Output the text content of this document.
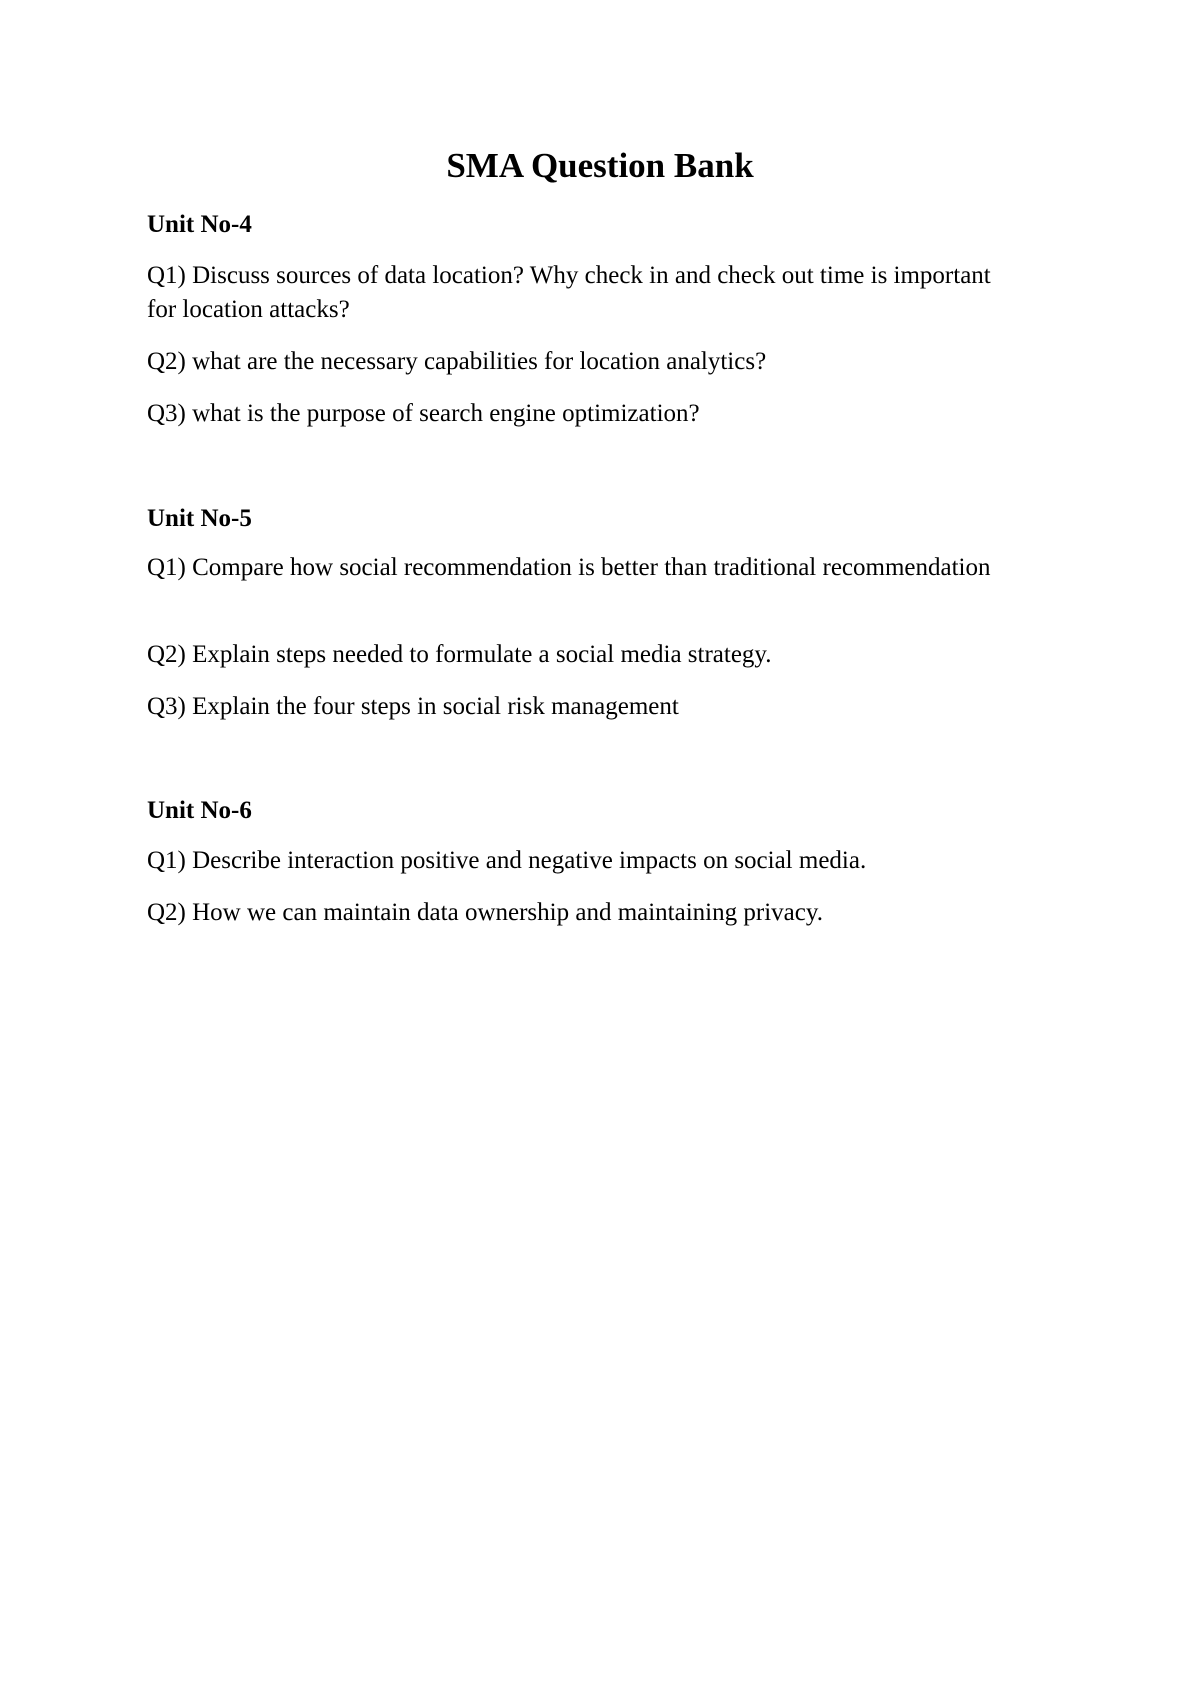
SMA Question Bank
Unit No-4

Q1) Discuss sources of data location? Why check in and check out time is important for location attacks?

Q2) what are the necessary capabilities for location analytics?

Q3) what is the purpose of search engine optimization?

Unit No-5

Q1) Compare how social recommendation is better than traditional recommendation

Q2) Explain steps needed to formulate a social media strategy.

Q3) Explain the four steps in social risk management

Unit No-6

Q1) Describe interaction positive and negative impacts on social media.

Q2) How we can maintain data ownership and maintaining privacy.
